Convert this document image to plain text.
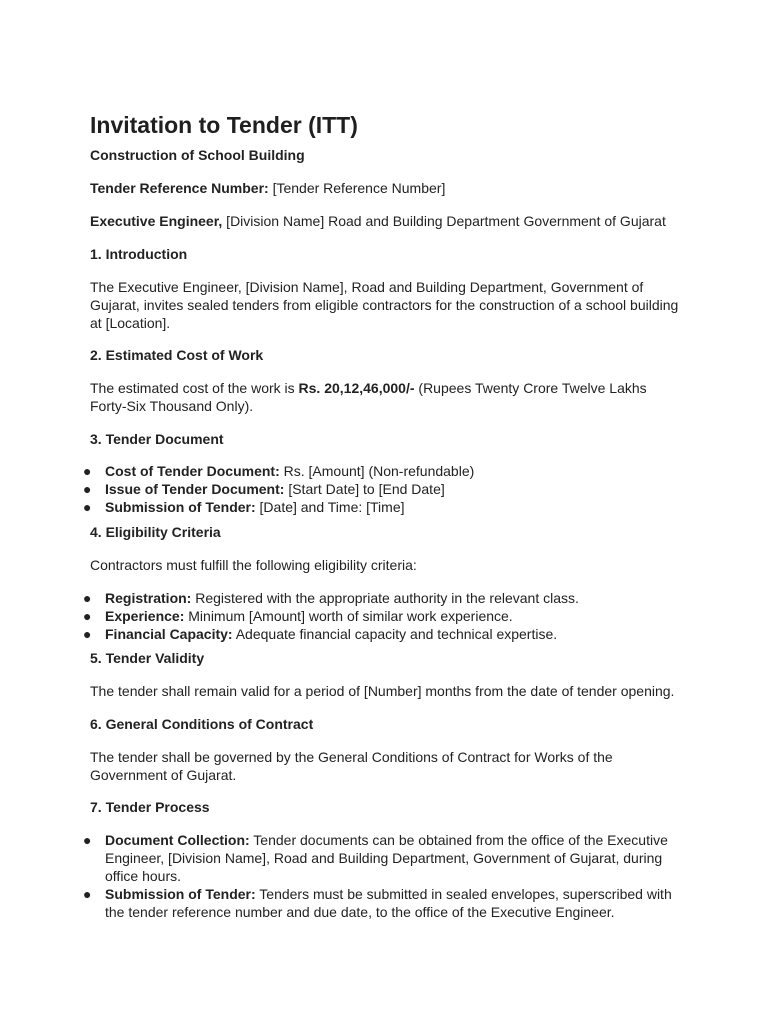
Invitation to Tender (ITT)

Construction of School Building

Tender Reference Number: [Tender Reference Number]

Executive Engineer, [Division Name] Road and Building Department Government of Gujarat

1. Introduction

The Executive Engineer, [Division Name], Road and Building Department, Government of Gujarat, invites sealed tenders from eligible contractors for the construction of a school building at [Location].

2. Estimated Cost of Work

The estimated cost of the work is Rs. 20,12,46,000/- (Rupees Twenty Crore Twelve Lakhs Forty-Six Thousand Only).

3. Tender Document

● Cost of Tender Document: Rs. [Amount] (Non-refundable)
● Issue of Tender Document: [Start Date] to [End Date]
● Submission of Tender: [Date] and Time: [Time]

4. Eligibility Criteria

Contractors must fulfill the following eligibility criteria:

● Registration: Registered with the appropriate authority in the relevant class.
● Experience: Minimum [Amount] worth of similar work experience.
● Financial Capacity: Adequate financial capacity and technical expertise.

5. Tender Validity

The tender shall remain valid for a period of [Number] months from the date of tender opening.

6. General Conditions of Contract

The tender shall be governed by the General Conditions of Contract for Works of the Government of Gujarat.

7. Tender Process

● Document Collection: Tender documents can be obtained from the office of the Executive Engineer, [Division Name], Road and Building Department, Government of Gujarat, during office hours.
● Submission of Tender: Tenders must be submitted in sealed envelopes, superscribed with the tender reference number and due date, to the office of the Executive Engineer.
